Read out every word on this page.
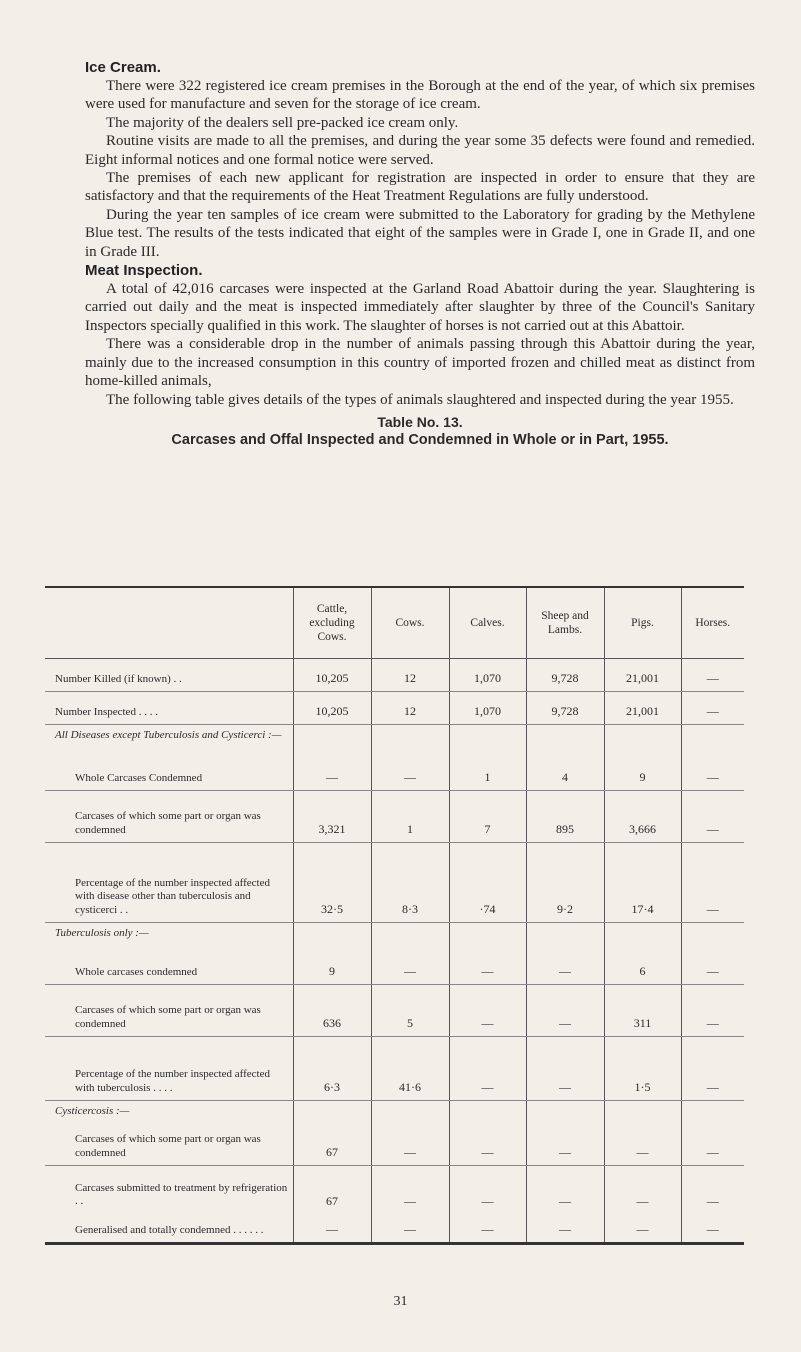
Ice Cream.

There were 322 registered ice cream premises in the Borough at the end of the year, of which six premises were used for manufacture and seven for the storage of ice cream.

The majority of the dealers sell pre-packed ice cream only.

Routine visits are made to all the premises, and during the year some 35 defects were found and remedied. Eight informal notices and one formal notice were served.

The premises of each new applicant for registration are inspected in order to ensure that they are satisfactory and that the requirements of the Heat Treatment Regulations are fully understood.

During the year ten samples of ice cream were submitted to the Laboratory for grading by the Methylene Blue test. The results of the tests indicated that eight of the samples were in Grade I, one in Grade II, and one in Grade III.

Meat Inspection.

A total of 42,016 carcases were inspected at the Garland Road Abattoir during the year. Slaughtering is carried out daily and the meat is inspected immediately after slaughter by three of the Council's Sanitary Inspectors specially qualified in this work. The slaughter of horses is not carried out at this Abattoir.

There was a considerable drop in the number of animals passing through this Abattoir during the year, mainly due to the increased consumption in this country of imported frozen and chilled meat as distinct from home-killed animals,

The following table gives details of the types of animals slaughtered and inspected during the year 1955.

Table No. 13.

Carcases and Offal Inspected and Condemned in Whole or in Part, 1955.

	Cattle, excluding Cows.	Cows.	Calves.	Sheep and Lambs.	Pigs.	Horses.
Number Killed (if known) . .	10,205	12	1,070	9,728	21,001	—
Number Inspected . . . .	10,205	12	1,070	9,728	21,001	—
All Diseases except Tuberculosis and Cysticerci :—						
Whole Carcases Condemned	—	—	1	4	9	—
Carcases of which some part or organ was condemned	3,321	1	7	895	3,666	—
Percentage of the number inspected affected with disease other than tuberculosis and cysticerci . .	32·5	8·3	·74	9·2	17·4	—
Tuberculosis only :—						
Whole carcases condemned	9	—	—	—	6	—
Carcases of which some part or organ was condemned	636	5	—	—	311	—
Percentage of the number inspected affected with tuberculosis . . . .	6·3	41·6	—	—	1·5	—
Cysticercosis :—						
Carcases of which some part or organ was condemned	67	—	—	—	—	—
Carcases submitted to treatment by refrigeration . .	67	—	—	—	—	—
Generalised and totally condemned . . . . . .	—	—	—	—	—	—
31
